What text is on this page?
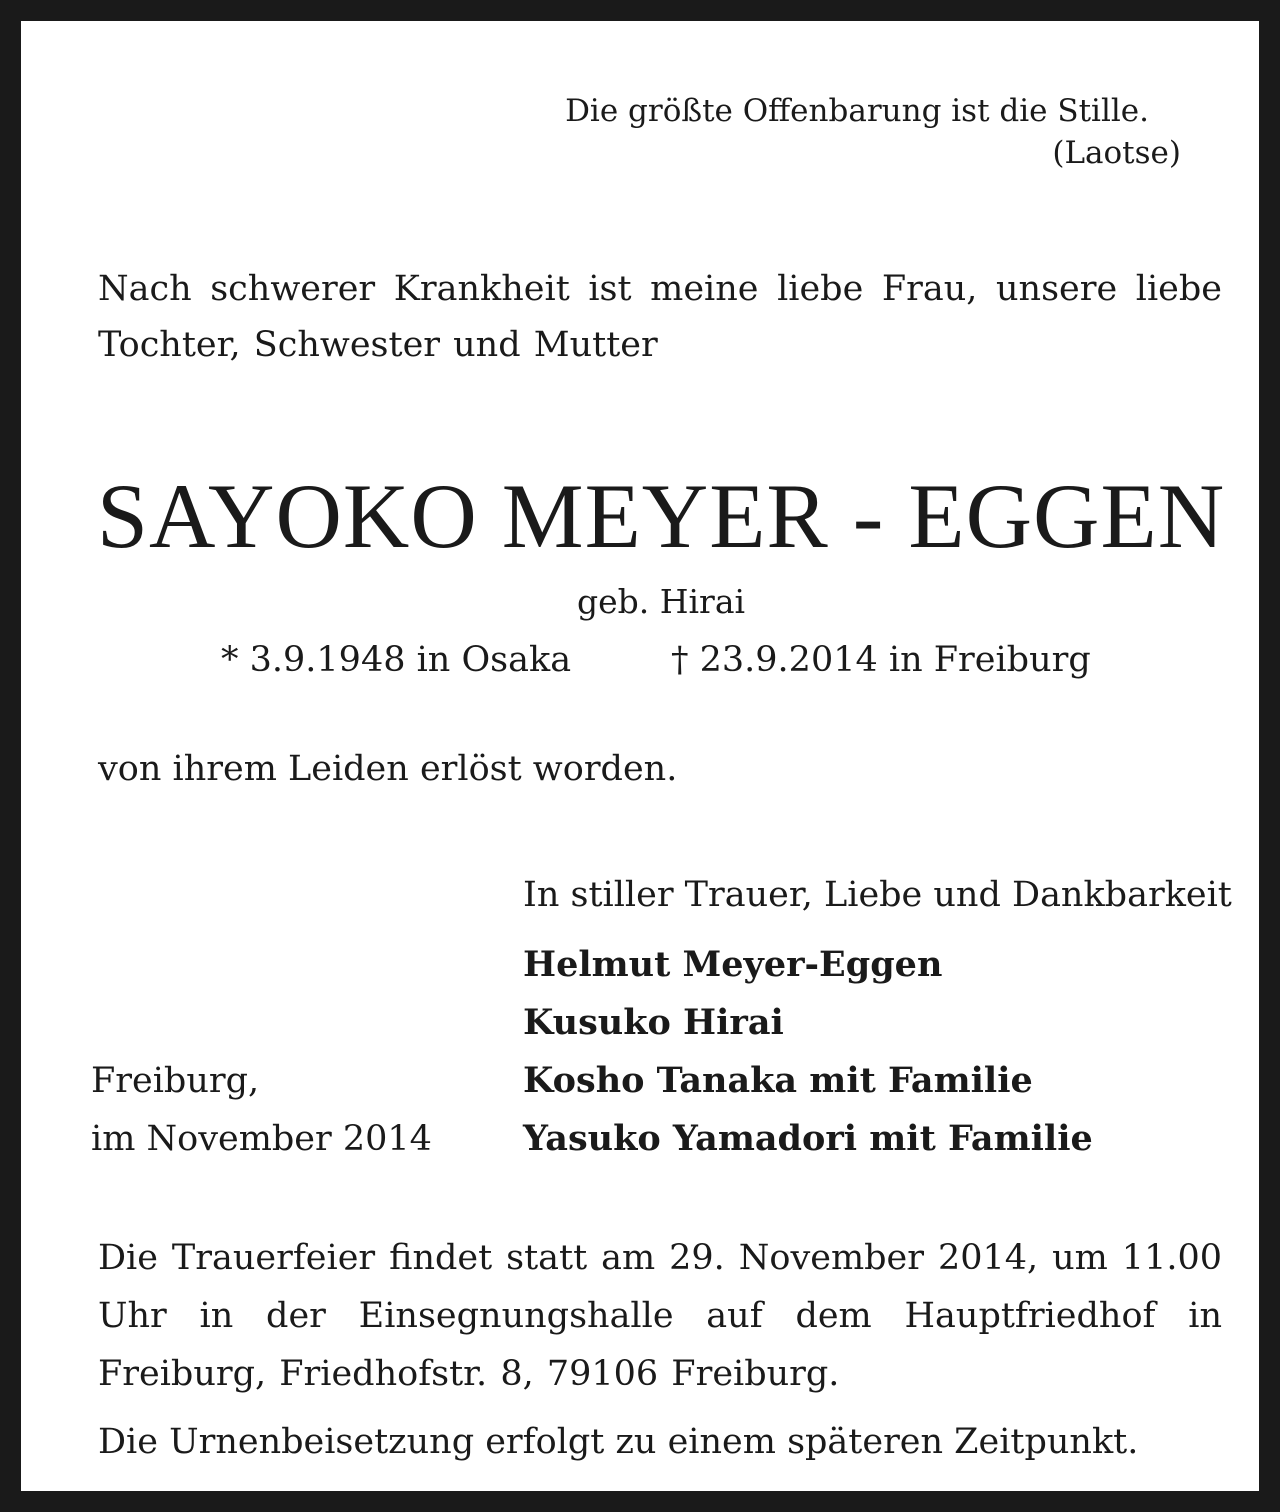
Die größte Offenbarung ist die Stille.
(Laotse)
Nach schwerer Krankheit ist meine liebe Frau, unsere liebe Tochter, Schwester und Mutter
SAYOKO MEYER - EGGEN
geb. Hirai
* 3.9.1948 in Osaka	† 23.9.2014 in Freiburg
von ihrem Leiden erlöst worden.
In stiller Trauer, Liebe und Dankbarkeit
Helmut Meyer-Eggen
Kusuko Hirai
Kosho Tanaka mit Familie
Yasuko Yamadori mit Familie
Freiburg,
im November 2014
Die Trauerfeier findet statt am 29. November 2014, um 11.00 Uhr in der Einsegnungshalle auf dem Hauptfriedhof in Freiburg, Friedhofstr. 8, 79106 Freiburg.
Die Urnenbeisetzung erfolgt zu einem späteren Zeitpunkt.
